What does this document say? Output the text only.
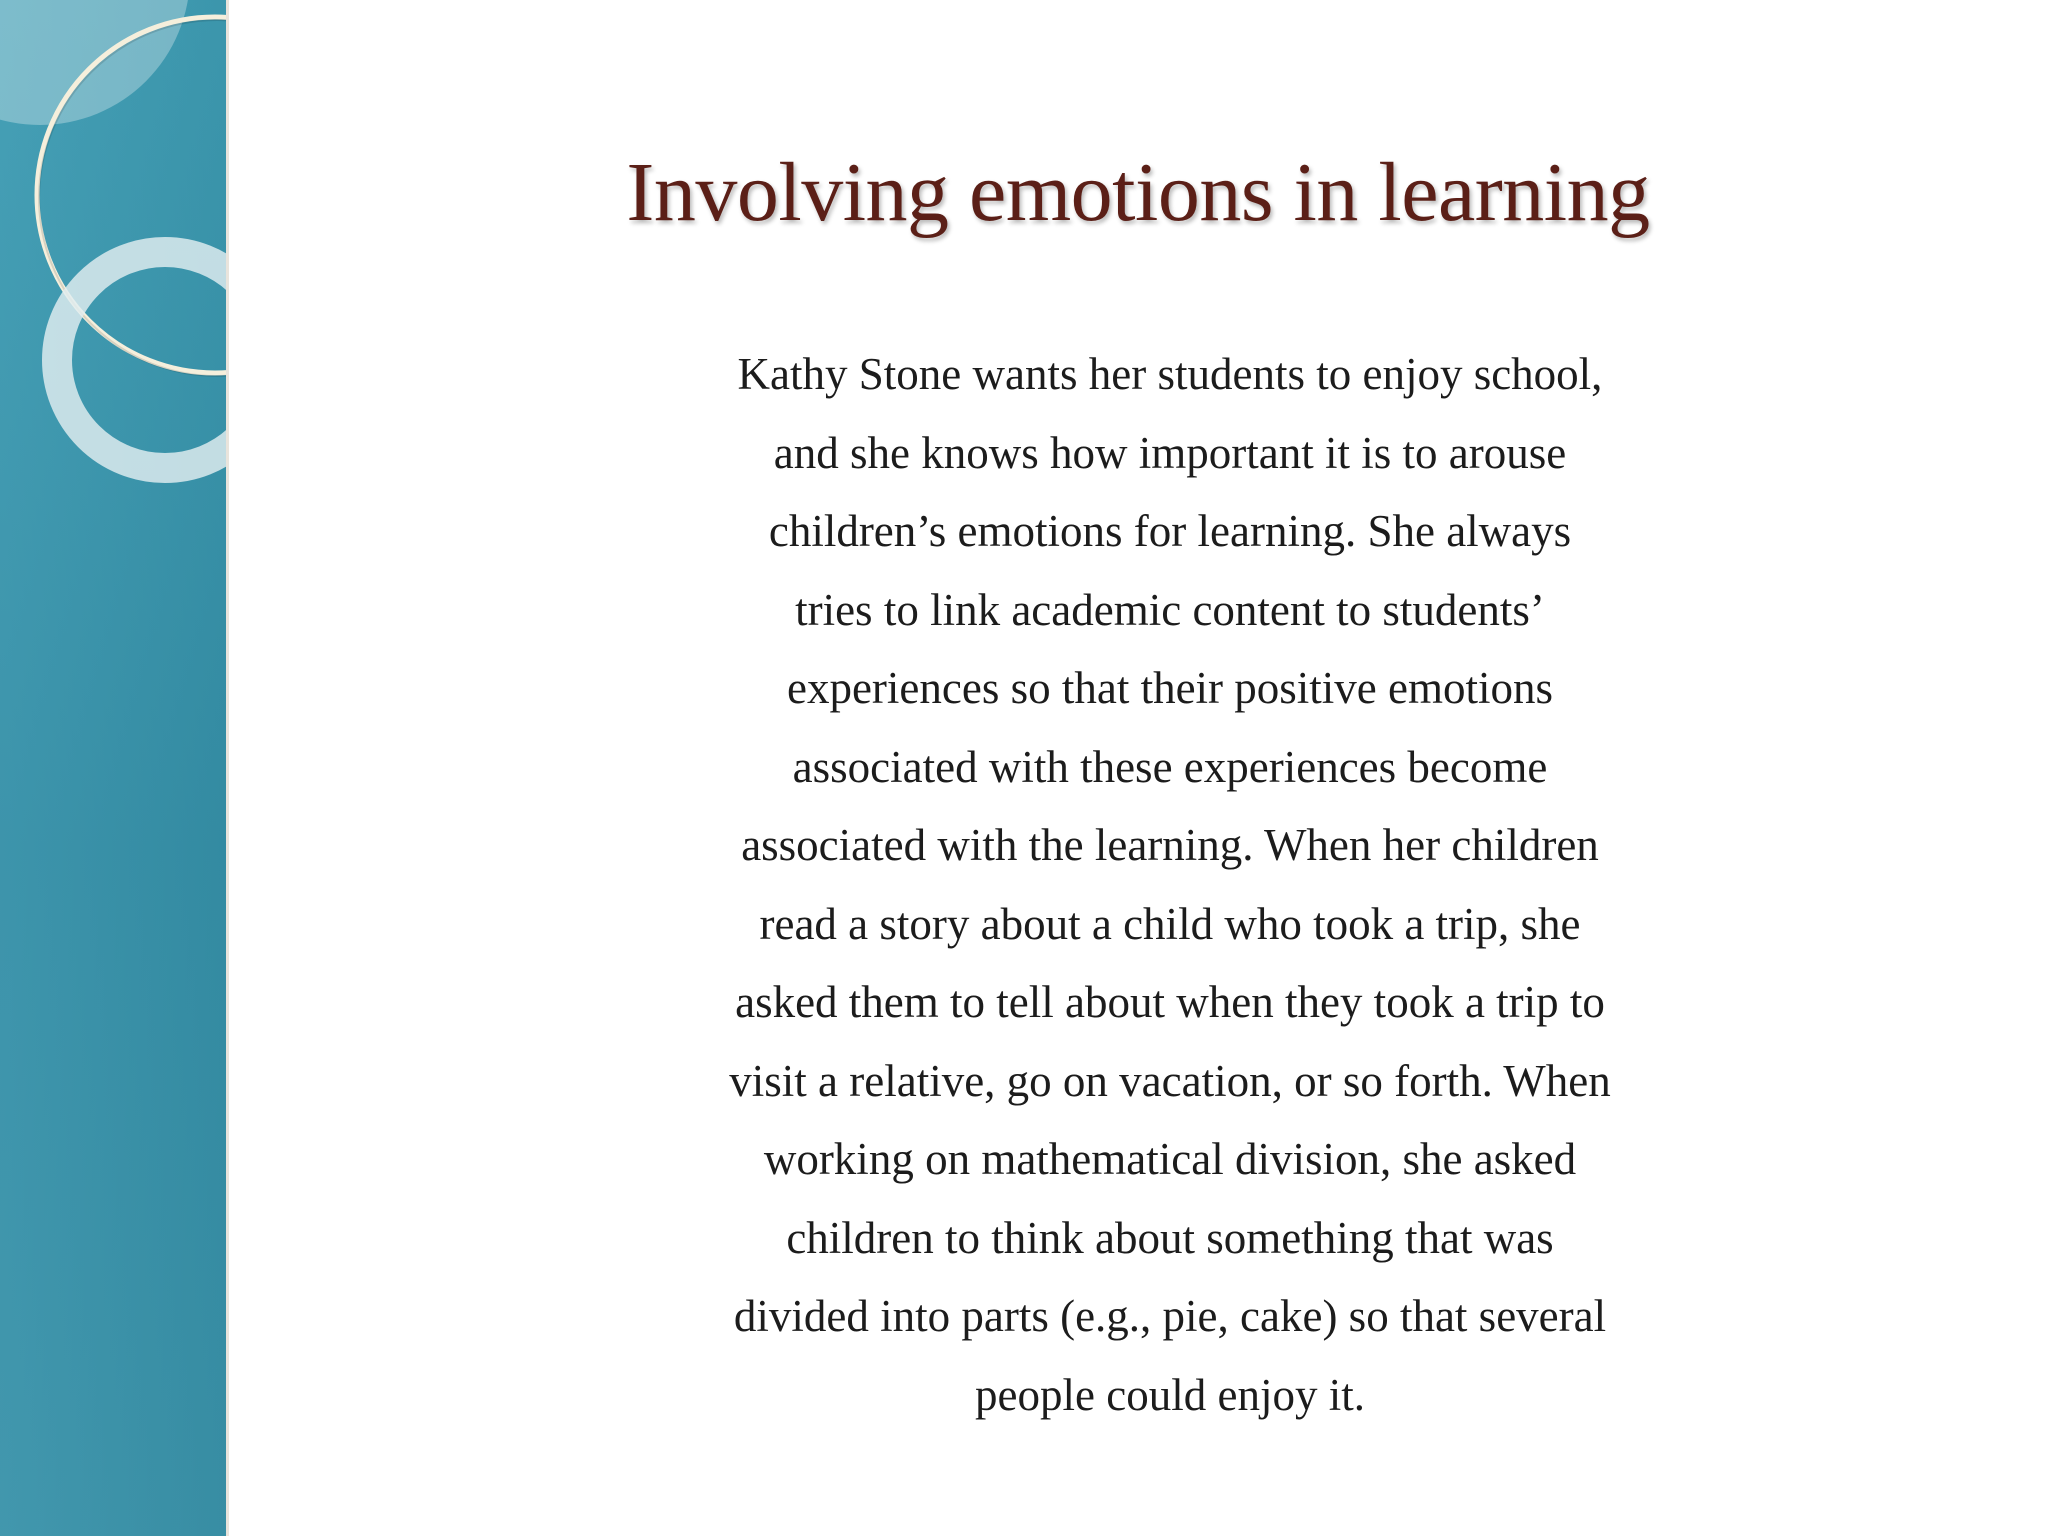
Involving emotions in learning

Kathy Stone wants her students to enjoy school, and she knows how important it is to arouse children’s emotions for learning. She always tries to link academic content to students’ experiences so that their positive emotions associated with these experiences become associated with the learning. When her children read a story about a child who took a trip, she asked them to tell about when they took a trip to visit a relative, go on vacation, or so forth. When working on mathematical division, she asked children to think about something that was divided into parts (e.g., pie, cake) so that several people could enjoy it.
